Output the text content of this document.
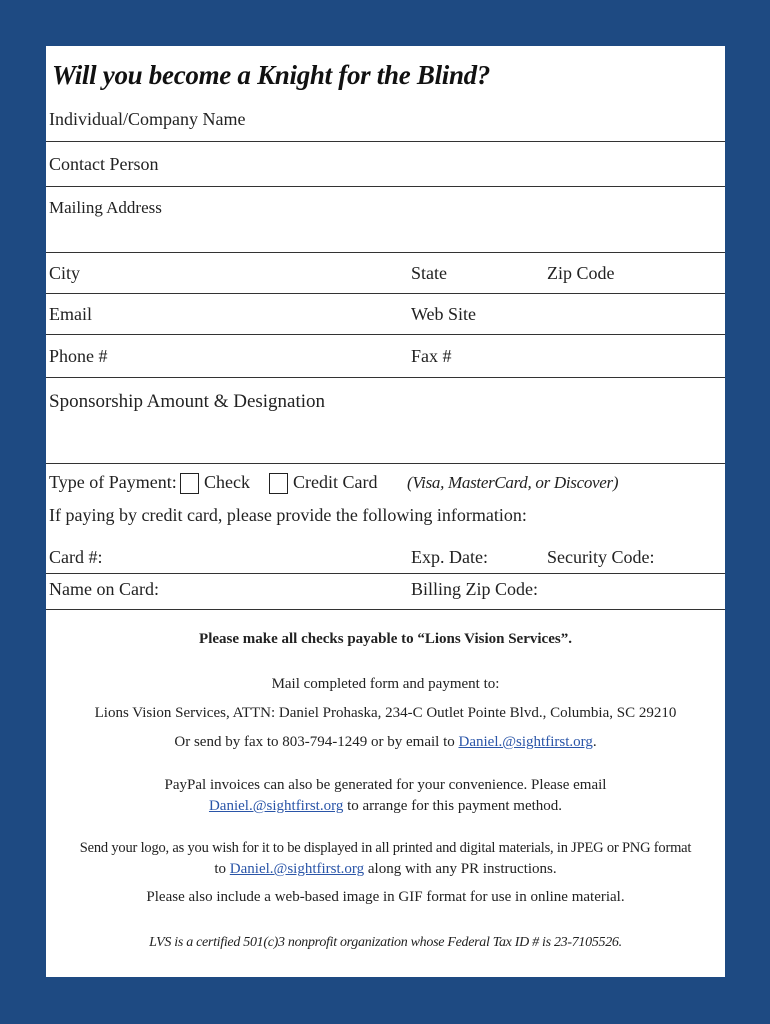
Will you become a Knight for the Blind?
Individual/Company Name
Contact Person
Mailing Address
City	State	Zip Code
Email	Web Site
Phone #	Fax #
Sponsorship Amount & Designation
Type of Payment: Check Credit Card (Visa, MasterCard, or Discover)
If paying by credit card, please provide the following information:
Card #:	Exp. Date:	Security Code:
Name on Card:	Billing Zip Code:
Please make all checks payable to “Lions Vision Services”.
Mail completed form and payment to:
Lions Vision Services, ATTN: Daniel Prohaska, 234-C Outlet Pointe Blvd., Columbia, SC 29210
Or send by fax to 803-794-1249 or by email to Daniel.@sightfirst.org.
PayPal invoices can also be generated for your convenience. Please email
Daniel.@sightfirst.org to arrange for this payment method.
Send your logo, as you wish for it to be displayed in all printed and digital materials, in JPEG or PNG format
to Daniel.@sightfirst.org along with any PR instructions.
Please also include a web-based image in GIF format for use in online material.
LVS is a certified 501(c)3 nonprofit organization whose Federal Tax ID # is 23-7105526.
